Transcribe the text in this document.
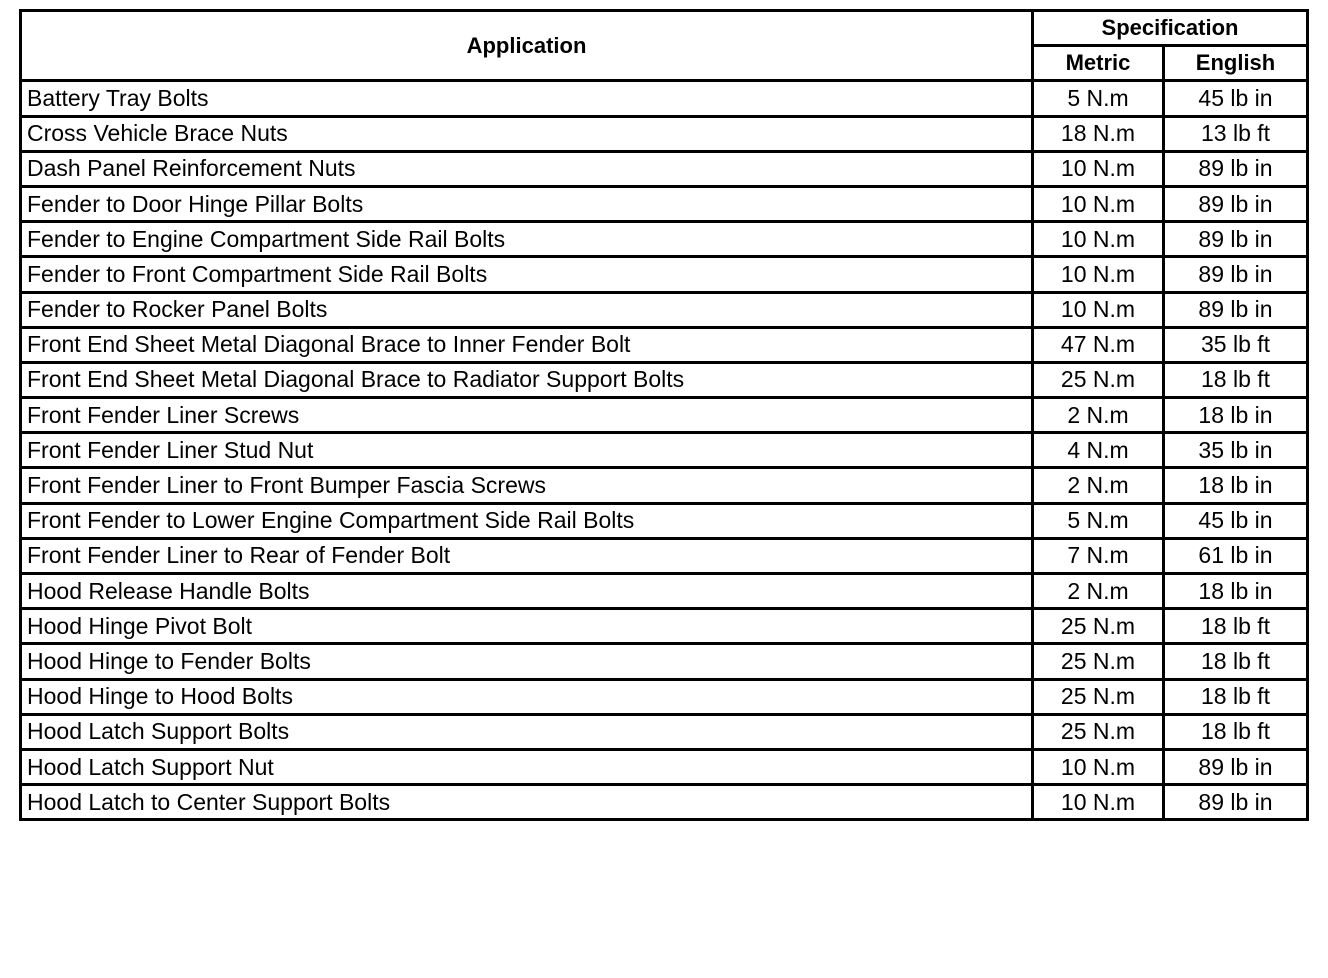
Application	Specification	
	Metric	English
Battery Tray Bolts	5 N.m	45 lb in
Cross Vehicle Brace Nuts	18 N.m	13 lb ft
Dash Panel Reinforcement Nuts	10 N.m	89 lb in
Fender to Door Hinge Pillar Bolts	10 N.m	89 lb in
Fender to Engine Compartment Side Rail Bolts	10 N.m	89 lb in
Fender to Front Compartment Side Rail Bolts	10 N.m	89 lb in
Fender to Rocker Panel Bolts	10 N.m	89 lb in
Front End Sheet Metal Diagonal Brace to Inner Fender Bolt	47 N.m	35 lb ft
Front End Sheet Metal Diagonal Brace to Radiator Support Bolts	25 N.m	18 lb ft
Front Fender Liner Screws	2 N.m	18 lb in
Front Fender Liner Stud Nut	4 N.m	35 lb in
Front Fender Liner to Front Bumper Fascia Screws	2 N.m	18 lb in
Front Fender to Lower Engine Compartment Side Rail Bolts	5 N.m	45 lb in
Front Fender Liner to Rear of Fender Bolt	7 N.m	61 lb in
Hood Release Handle Bolts	2 N.m	18 lb in
Hood Hinge Pivot Bolt	25 N.m	18 lb ft
Hood Hinge to Fender Bolts	25 N.m	18 lb ft
Hood Hinge to Hood Bolts	25 N.m	18 lb ft
Hood Latch Support Bolts	25 N.m	18 lb ft
Hood Latch Support Nut	10 N.m	89 lb in
Hood Latch to Center Support Bolts	10 N.m	89 lb in
